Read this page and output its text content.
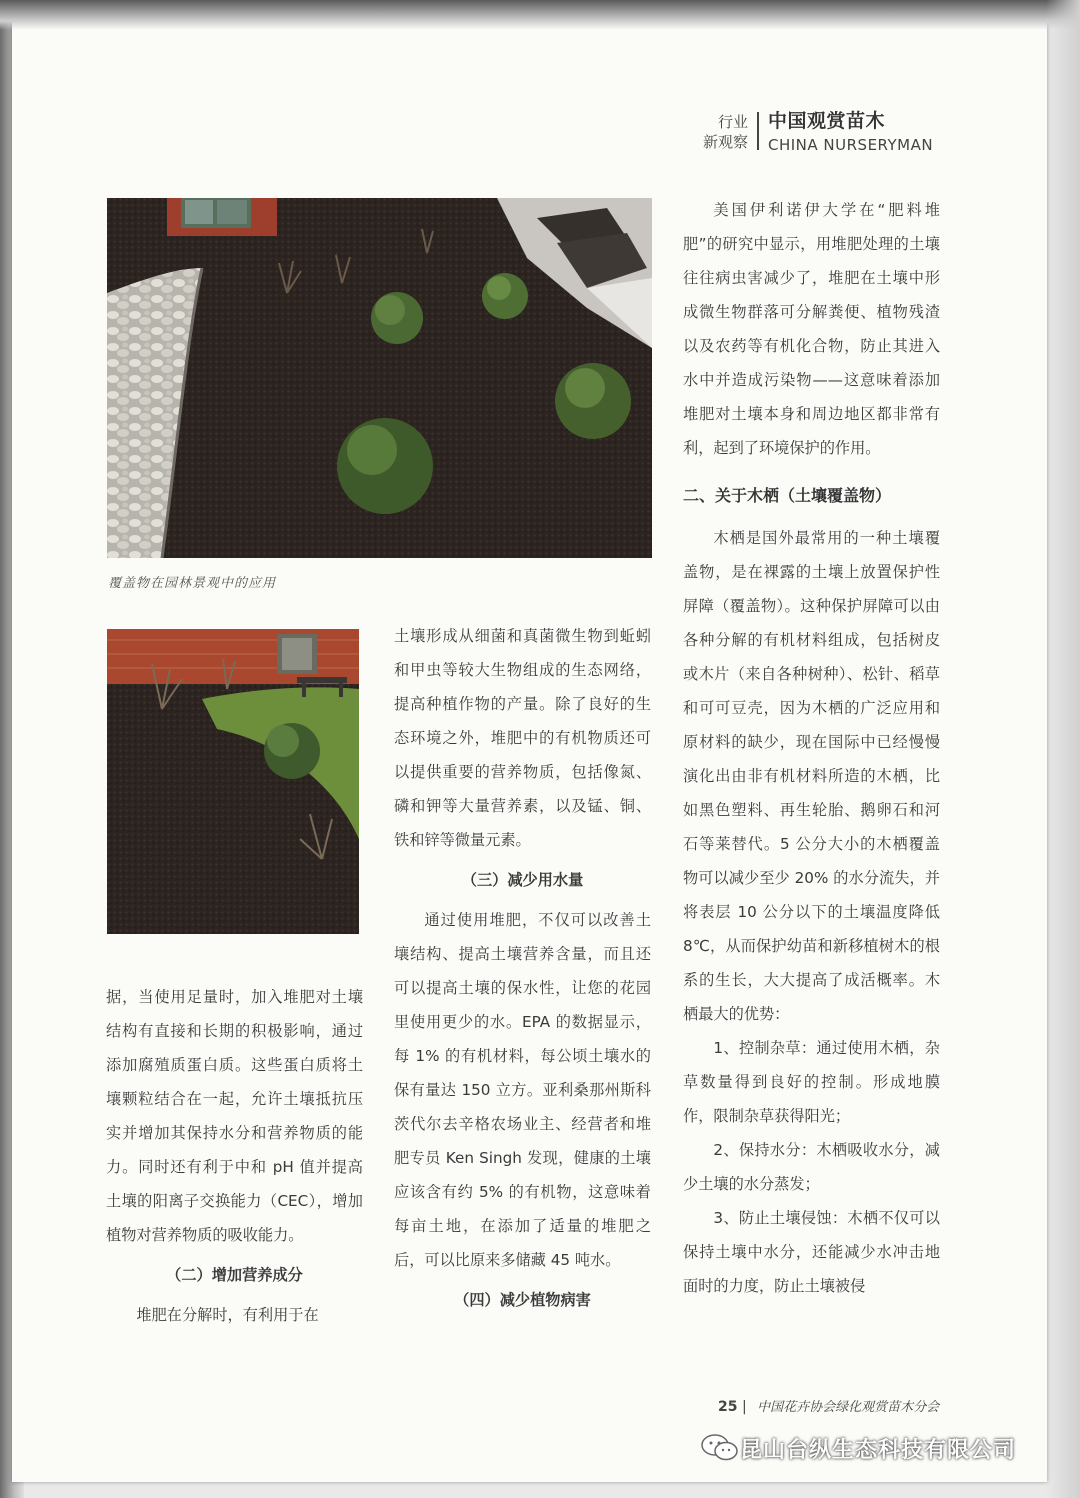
行业
新观察
中国观赏苗木
CHINA NURSERYMAN
覆盖物在园林景观中的应用

据，当使用足量时，加入堆肥对土壤结构有直接和长期的积极影响，通过添加腐殖质蛋白质。这些蛋白质将土壤颗粒结合在一起，允许土壤抵抗压实并增加其保持水分和营养物质的能力。同时还有利于中和 pH 值并提高土壤的阳离子交换能力（CEC），增加植物对营养物质的吸收能力。

（二）增加营养成分

堆肥在分解时，有利用于在

土壤形成从细菌和真菌微生物到蚯蚓和甲虫等较大生物组成的生态网络，提高种植作物的产量。除了良好的生态环境之外，堆肥中的有机物质还可以提供重要的营养物质，包括像氮、磷和钾等大量营养素，以及锰、铜、铁和锌等微量元素。

（三）减少用水量

通过使用堆肥，不仅可以改善土壤结构、提高土壤营养含量，而且还可以提高土壤的保水性，让您的花园里使用更少的水。EPA 的数据显示，每 1% 的有机材料，每公顷土壤水的保有量达 150 立方。亚利桑那州斯科茨代尔去辛格农场业主、经营者和堆肥专员 Ken Singh 发现，健康的土壤应该含有约 5% 的有机物，这意味着每亩土地，在添加了适量的堆肥之后，可以比原来多储藏 45 吨水。

（四）减少植物病害

美国伊利诺伊大学在“肥料堆肥”的研究中显示，用堆肥处理的土壤往往病虫害减少了，堆肥在土壤中形成微生物群落可分解粪便、植物残渣以及农药等有机化合物，防止其进入水中并造成污染物——这意味着添加堆肥对土壤本身和周边地区都非常有利，起到了环境保护的作用。

二、关于木栖（土壤覆盖物）

木栖是国外最常用的一种土壤覆盖物，是在裸露的土壤上放置保护性屏障（覆盖物）。这种保护屏障可以由各种分解的有机材料组成，包括树皮或木片（来自各种树种）、松针、稻草和可可豆壳，因为木栖的广泛应用和原材料的缺少，现在国际中已经慢慢演化出由非有机材料所造的木栖，比如黑色塑料、再生轮胎、鹅卵石和河石等莱替代。5 公分大小的木栖覆盖物可以减少至少 20% 的水分流失，并将表层 10 公分以下的土壤温度降低 8℃，从而保护幼苗和新移植树木的根系的生长，大大提高了成活概率。木栖最大的优势：

1、控制杂草：通过使用木栖，杂草数量得到良好的控制。形成地膜作，限制杂草获得阳光；

2、保持水分：木栖吸收水分，减少土壤的水分蒸发；

3、防止土壤侵蚀：木栖不仅可以保持土壤中水分，还能减少水冲击地面时的力度，防止土壤被侵

25 | 中国花卉协会绿化观赏苗木分会
昆山台纵生态科技有限公司
